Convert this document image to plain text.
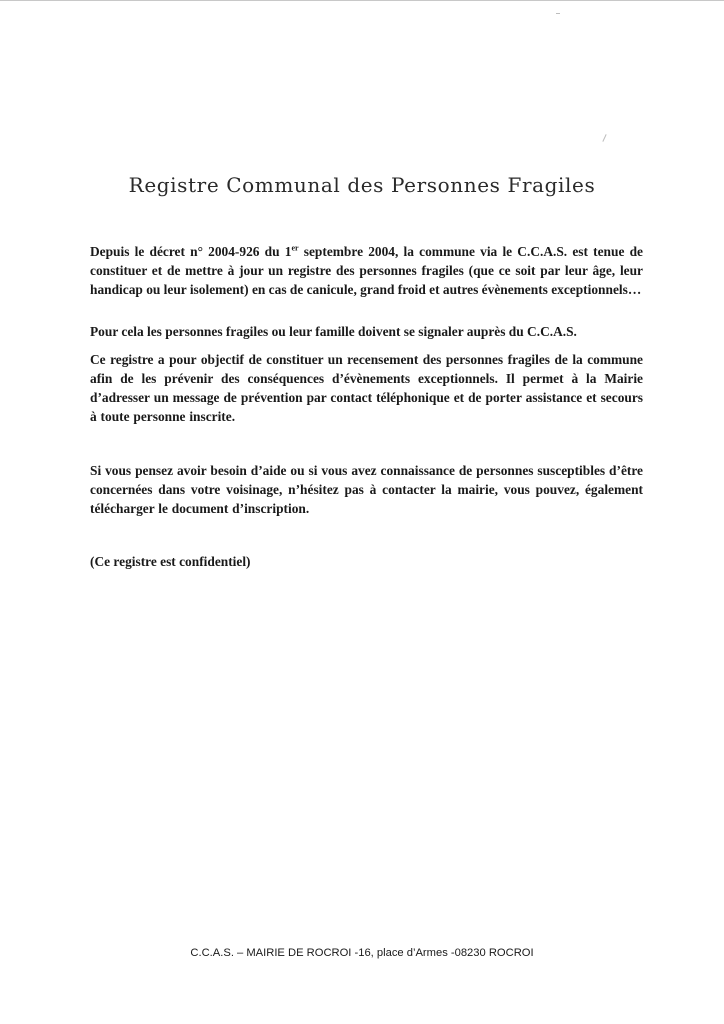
Registre Communal des Personnes Fragiles

Depuis le décret n° 2004-926 du 1er septembre 2004, la commune via le C.C.A.S. est tenue de constituer et de mettre à jour un registre des personnes fragiles (que ce soit par leur âge, leur handicap ou leur isolement) en cas de canicule, grand froid et autres évènements exceptionnels…

Pour cela les personnes fragiles ou leur famille doivent se signaler auprès du C.C.A.S.

Ce registre a pour objectif de constituer un recensement des personnes fragiles de la commune afin de les prévenir des conséquences d’évènements exceptionnels. Il permet à la Mairie d’adresser un message de prévention par contact téléphonique et de porter assistance et secours à toute personne inscrite.

Si vous pensez avoir besoin d’aide ou si vous avez connaissance de personnes susceptibles d’être concernées dans votre voisinage, n’hésitez pas à contacter la mairie, vous pouvez, également télécharger le document d’inscription.

(Ce registre est confidentiel)

C.C.A.S. – MAIRIE DE ROCROI -16, place d’Armes -08230 ROCROI
